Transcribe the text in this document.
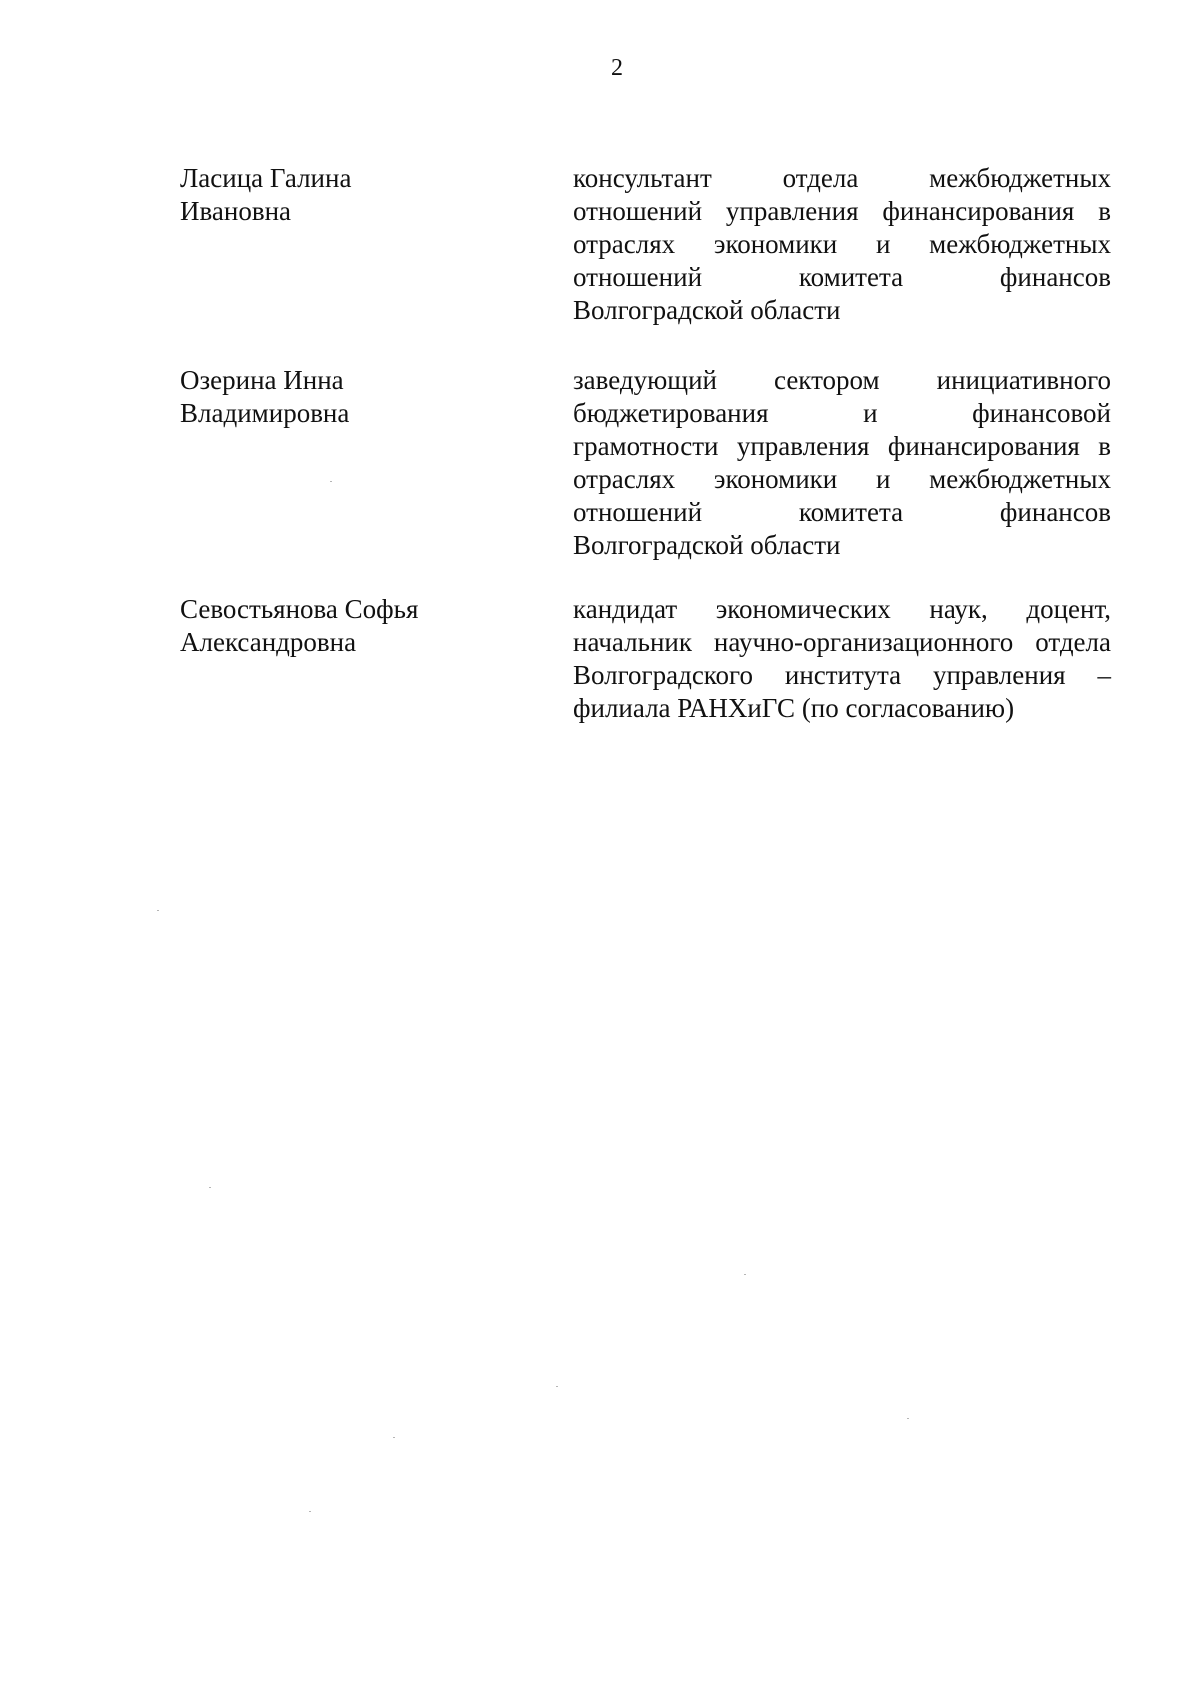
2
Ласица Галина
Ивановна
консультант отдела межбюджетных
отношений управления финансирования в
отраслях экономики и межбюджетных
отношений комитета финансов
Волгоградской области
Озерина Инна
Владимировна
заведующий сектором инициативного
бюджетирования и финансовой
грамотности управления финансирования в
отраслях экономики и межбюджетных
отношений комитета финансов
Волгоградской области
Севостьянова Софья
Александровна
кандидат экономических наук, доцент,
начальник научно-организационного отдела
Волгоградского института управления –
филиала РАНХиГС (по согласованию)
